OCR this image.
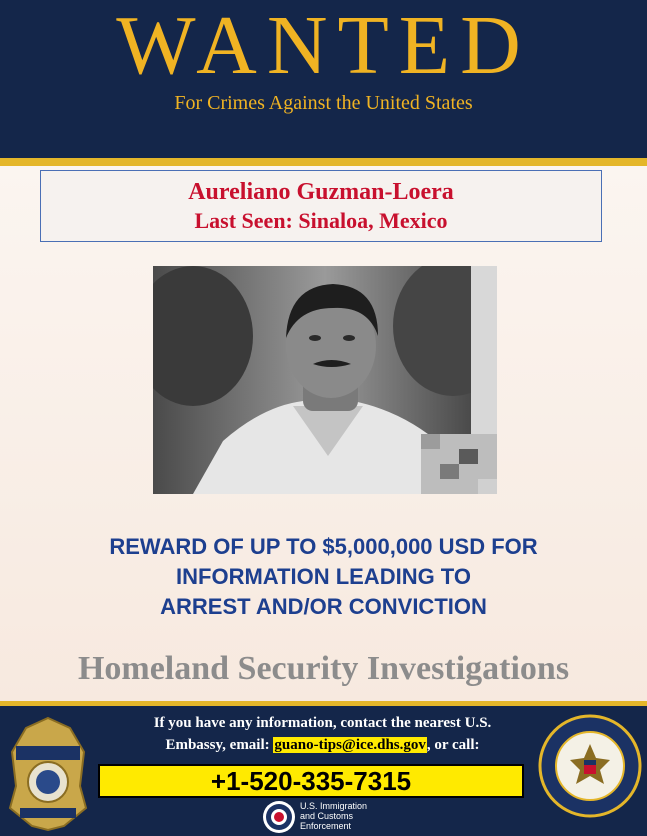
WANTED
For Crimes Against the United States
Aureliano Guzman-Loera
Last Seen: Sinaloa, Mexico
REWARD OF UP TO $5,000,000 USD FOR
INFORMATION LEADING TO
ARREST AND/OR CONVICTION
Homeland Security Investigations
If you have any information, contact the nearest U.S.
Embassy, email: guano-tips@ice.dhs.gov, or call:
+1-520-335-7315
U.S. Immigration
and Customs
Enforcement
